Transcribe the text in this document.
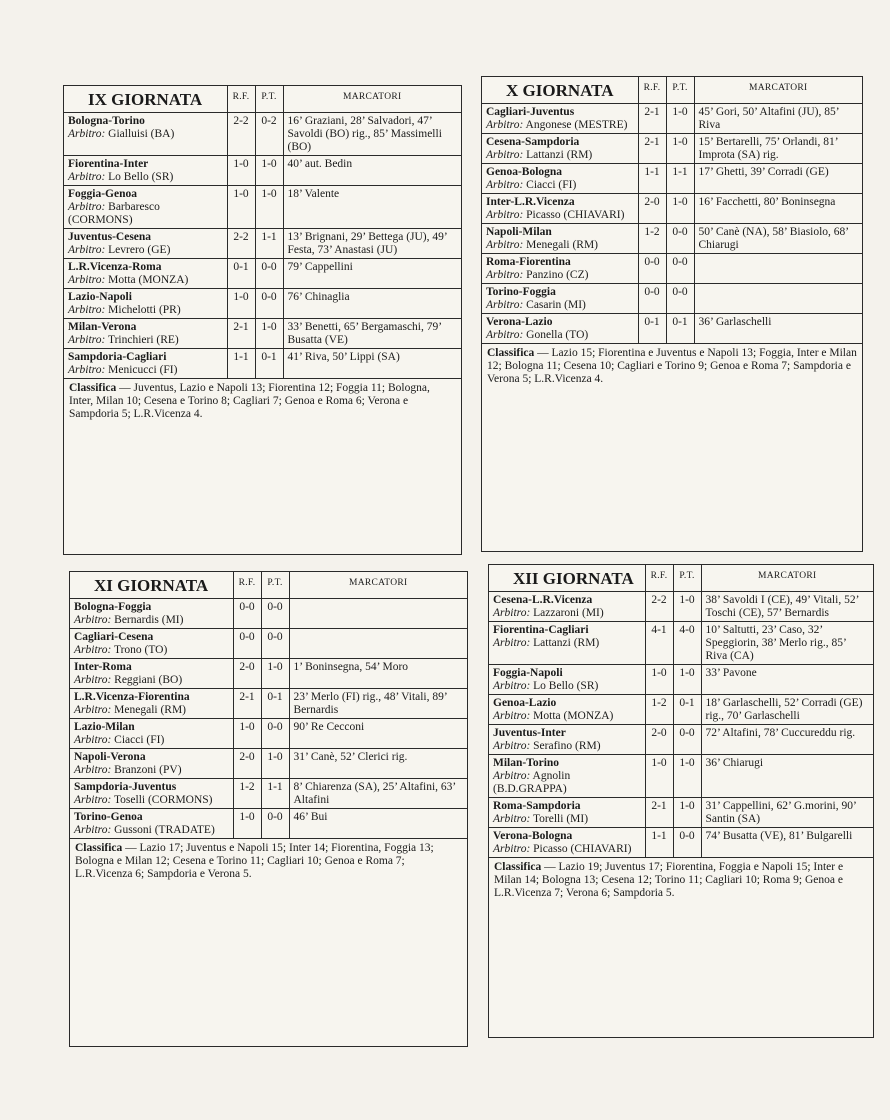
IX GIORNATA	R.F.	P.T.	MARCATORI

Bologna-Torino
Arbitro: Gialluisi (BA)	2-2	0-2	16’ Graziani, 28’ Salvadori, 47’ Savoldi (BO) rig., 85’ Massimelli (BO)

Fiorentina-Inter
Arbitro: Lo Bello (SR)	1-0	1-0	40’ aut. Bedin

Foggia-Genoa
Arbitro: Barbaresco (CORMONS)	1-0	1-0	18’ Valente

Juventus-Cesena
Arbitro: Levrero (GE)	2-2	1-1	13’ Brignani, 29’ Bettega (JU), 49’ Festa, 73’ Anastasi (JU)

L.R.Vicenza-Roma
Arbitro: Motta (MONZA)	0-1	0-0	79’ Cappellini

Lazio-Napoli
Arbitro: Michelotti (PR)	1-0	0-0	76’ Chinaglia

Milan-Verona
Arbitro: Trinchieri (RE)	2-1	1-0	33’ Benetti, 65’ Bergamaschi, 79’ Busatta (VE)

Sampdoria-Cagliari
Arbitro: Menicucci (FI)	1-1	0-1	41’ Riva, 50’ Lippi (SA)
Classifica — Juventus, Lazio e Napoli 13; Fiorentina 12; Foggia 11; Bologna, Inter, Milan 10; Cesena e Torino 8; Cagliari 7; Genoa e Roma 6; Verona e Sampdoria 5; L.R.Vicenza 4.
X GIORNATA	R.F.	P.T.	MARCATORI

Cagliari-Juventus
Arbitro: Angonese (MESTRE)	2-1	1-0	45’ Gori, 50’ Altafini (JU), 85’ Riva

Cesena-Sampdoria
Arbitro: Lattanzi (RM)	2-1	1-0	15’ Bertarelli, 75’ Orlandi, 81’ Improta (SA) rig.

Genoa-Bologna
Arbitro: Ciacci (FI)	1-1	1-1	17’ Ghetti, 39’ Corradi (GE)

Inter-L.R.Vicenza
Arbitro: Picasso (CHIAVARI)	2-0	1-0	16’ Facchetti, 80’ Boninsegna

Napoli-Milan
Arbitro: Menegali (RM)	1-2	0-0	50’ Canè (NA), 58’ Biasiolo, 68’ Chiarugi

Roma-Fiorentina
Arbitro: Panzino (CZ)	0-0	0-0	

Torino-Foggia
Arbitro: Casarin (MI)	0-0	0-0	

Verona-Lazio
Arbitro: Gonella (TO)	0-1	0-1	36’ Garlaschelli
Classifica — Lazio 15; Fiorentina e Juventus e Napoli 13; Foggia, Inter e Milan 12; Bologna 11; Cesena 10; Cagliari e Torino 9; Genoa e Roma 7; Sampdoria e Verona 5; L.R.Vicenza 4.
XI GIORNATA	R.F.	P.T.	MARCATORI

Bologna-Foggia
Arbitro: Bernardis (MI)	0-0	0-0	

Cagliari-Cesena
Arbitro: Trono (TO)	0-0	0-0	

Inter-Roma
Arbitro: Reggiani (BO)	2-0	1-0	1’ Boninsegna, 54’ Moro

L.R.Vicenza-Fiorentina
Arbitro: Menegali (RM)	2-1	0-1	23’ Merlo (FI) rig., 48’ Vitali, 89’ Bernardis

Lazio-Milan
Arbitro: Ciacci (FI)	1-0	0-0	90’ Re Cecconi

Napoli-Verona
Arbitro: Branzoni (PV)	2-0	1-0	31’ Canè, 52’ Clerici rig.

Sampdoria-Juventus
Arbitro: Toselli (CORMONS)	1-2	1-1	8’ Chiarenza (SA), 25’ Altafini, 63’ Altafini

Torino-Genoa
Arbitro: Gussoni (TRADATE)	1-0	0-0	46’ Bui
Classifica — Lazio 17; Juventus e Napoli 15; Inter 14; Fiorentina, Foggia 13; Bologna e Milan 12; Cesena e Torino 11; Cagliari 10; Genoa e Roma 7; L.R.Vicenza 6; Sampdoria e Verona 5.
XII GIORNATA	R.F.	P.T.	MARCATORI

Cesena-L.R.Vicenza
Arbitro: Lazzaroni (MI)	2-2	1-0	38’ Savoldi I (CE), 49’ Vitali, 52’ Toschi (CE), 57’ Bernardis

Fiorentina-Cagliari
Arbitro: Lattanzi (RM)	4-1	4-0	10’ Saltutti, 23’ Caso, 32’ Speggiorin, 38’ Merlo rig., 85’ Riva (CA)

Foggia-Napoli
Arbitro: Lo Bello (SR)	1-0	1-0	33’ Pavone

Genoa-Lazio
Arbitro: Motta (MONZA)	1-2	0-1	18’ Garlaschelli, 52’ Corradi (GE) rig., 70’ Garlaschelli

Juventus-Inter
Arbitro: Serafino (RM)	2-0	0-0	72’ Altafini, 78’ Cuccureddu rig.

Milan-Torino
Arbitro: Agnolin (B.D.GRAPPA)	1-0	1-0	36’ Chiarugi

Roma-Sampdoria
Arbitro: Torelli (MI)	2-1	1-0	31’ Cappellini, 62’ G.morini, 90’ Santin (SA)

Verona-Bologna
Arbitro: Picasso (CHIAVARI)	1-1	0-0	74’ Busatta (VE), 81’ Bulgarelli
Classifica — Lazio 19; Juventus 17; Fiorentina, Foggia e Napoli 15; Inter e Milan 14; Bologna 13; Cesena 12; Torino 11; Cagliari 10; Roma 9; Genoa e L.R.Vicenza 7; Verona 6; Sampdoria 5.
